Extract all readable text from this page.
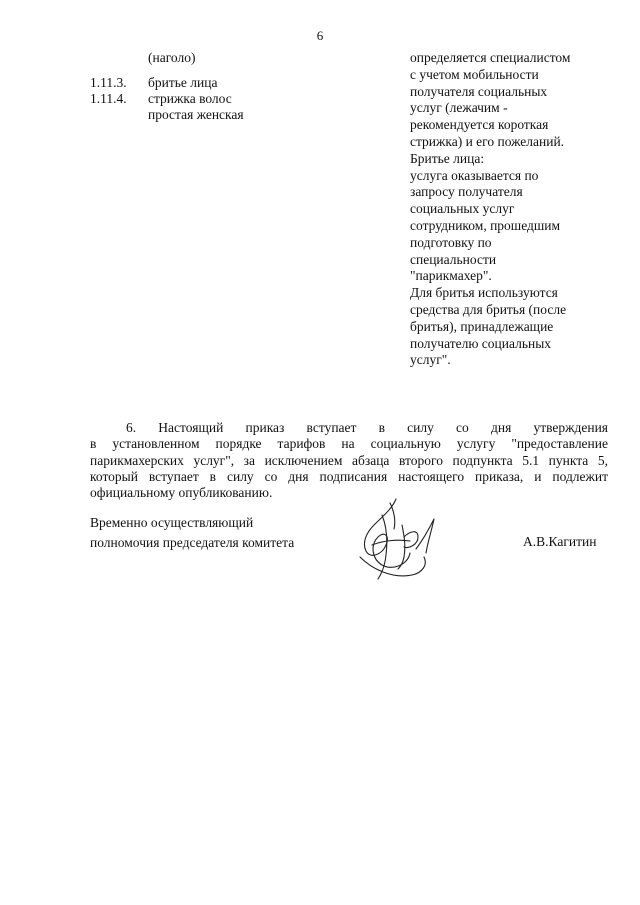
6
(наголо)
1.11.3. бритье лица
1.11.4. стрижка волос
простая женская
определяется специалистом
с учетом мобильности
получателя социальных
услуг (лежачим -
рекомендуется короткая
стрижка) и его пожеланий.
Бритье лица:
услуга оказывается по
запросу получателя
социальных услуг
сотрудником, прошедшим
подготовку по
специальности
"парикмахер".
Для бритья используются
средства для бритья (после
бритья), принадлежащие
получателю социальных
услуг".
6. Настоящий приказ вступает в силу со дня утверждения
в установленном порядке тарифов на социальную услугу "предоставление
парикмахерских услуг", за исключением абзаца второго подпункта 5.1 пункта 5,
который вступает в силу со дня подписания настоящего приказа, и подлежит
официальному опубликованию.
Временно осуществляющий
полномочия председателя комитета	А.В.Кагитин
